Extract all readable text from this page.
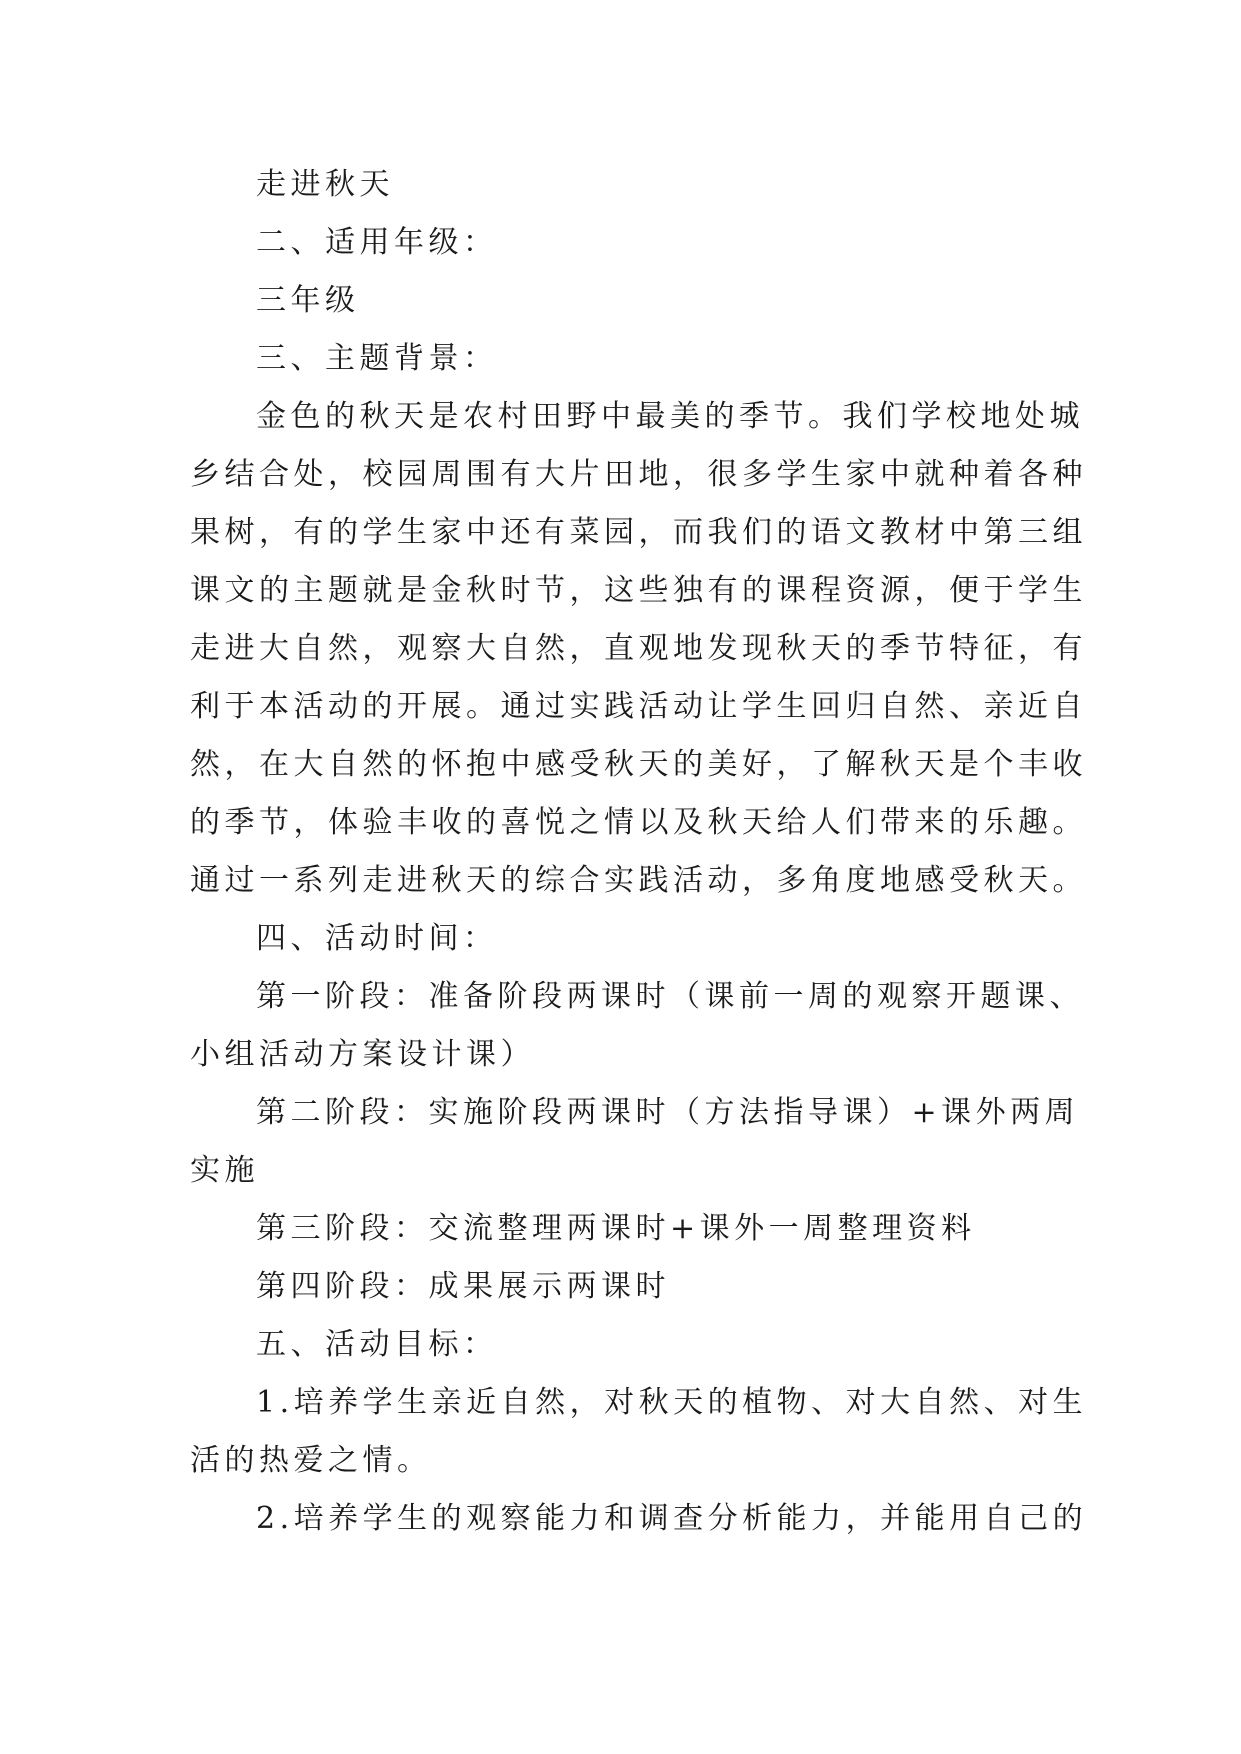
走进秋天

二、适用年级：

三年级

三、主题背景：

金色的秋天是农村田野中最美的季节。我们学校地处城

乡结合处，校园周围有大片田地，很多学生家中就种着各种

果树，有的学生家中还有菜园，而我们的语文教材中第三组

课文的主题就是金秋时节，这些独有的课程资源，便于学生

走进大自然，观察大自然，直观地发现秋天的季节特征，有

利于本活动的开展。通过实践活动让学生回归自然、亲近自

然，在大自然的怀抱中感受秋天的美好，了解秋天是个丰收

的季节，体验丰收的喜悦之情以及秋天给人们带来的乐趣。

通过一系列走进秋天的综合实践活动，多角度地感受秋天。

四、活动时间：

第一阶段：准备阶段两课时（课前一周的观察开题课、

小组活动方案设计课）

第二阶段：实施阶段两课时（方法指导课）+课外两周

实施

第三阶段：交流整理两课时+课外一周整理资料

第四阶段：成果展示两课时

五、活动目标：

1.培养学生亲近自然，对秋天的植物、对大自然、对生

活的热爱之情。

2.培养学生的观察能力和调查分析能力，并能用自己的
